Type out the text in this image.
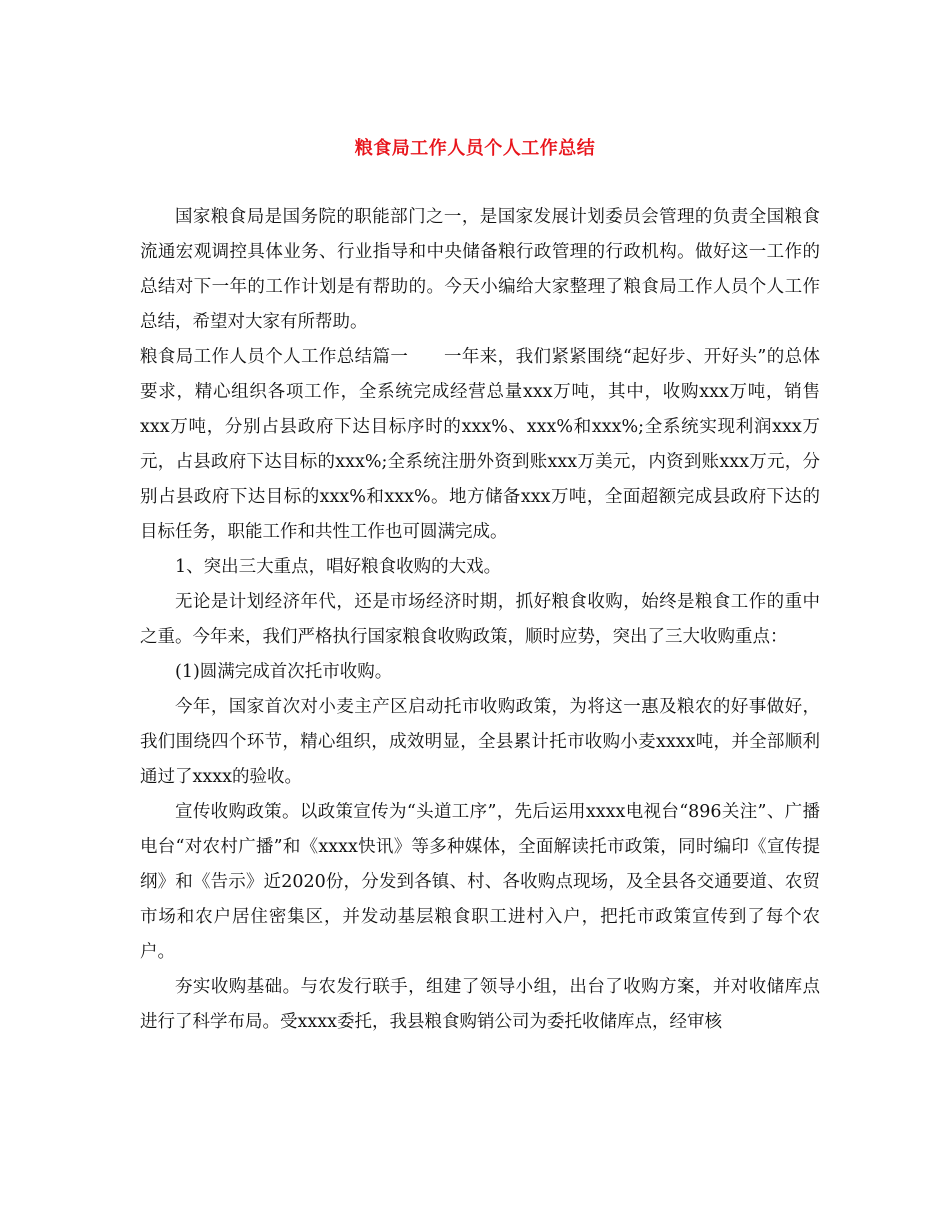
粮食局工作人员个人工作总结

国家粮食局是国务院的职能部门之一，是国家发展计划委员会管理的负责全国粮食流通宏观调控具体业务、行业指导和中央储备粮行政管理的行政机构。做好这一工作的总结对下一年的工作计划是有帮助的。今天小编给大家整理了粮食局工作人员个人工作总结，希望对大家有所帮助。

粮食局工作人员个人工作总结篇一　　一年来，我们紧紧围绕“起好步、开好头”的总体要求，精心组织各项工作，全系统完成经营总量xxx万吨，其中，收购xxx万吨，销售xxx万吨，分别占县政府下达目标序时的xxx%、xxx%和xxx%;全系统实现利润xxx万元，占县政府下达目标的xxx%;全系统注册外资到账xxx万美元，内资到账xxx万元，分别占县政府下达目标的xxx%和xxx%。地方储备xxx万吨，全面超额完成县政府下达的目标任务，职能工作和共性工作也可圆满完成。

1、突出三大重点，唱好粮食收购的大戏。

无论是计划经济年代，还是市场经济时期，抓好粮食收购，始终是粮食工作的重中之重。今年来，我们严格执行国家粮食收购政策，顺时应势，突出了三大收购重点：

(1)圆满完成首次托市收购。

今年，国家首次对小麦主产区启动托市收购政策，为将这一惠及粮农的好事做好，我们围绕四个环节，精心组织，成效明显，全县累计托市收购小麦xxxx吨，并全部顺利通过了xxxx的验收。

宣传收购政策。以政策宣传为“头道工序”，先后运用xxxx电视台“896关注”、广播电台“对农村广播”和《xxxx快讯》等多种媒体，全面解读托市政策，同时编印《宣传提纲》和《告示》近2020份，分发到各镇、村、各收购点现场，及全县各交通要道、农贸市场和农户居住密集区，并发动基层粮食职工进村入户，把托市政策宣传到了每个农户。

夯实收购基础。与农发行联手，组建了领导小组，出台了收购方案，并对收储库点进行了科学布局。受xxxx委托，我县粮食购销公司为委托收储库点，经审核
